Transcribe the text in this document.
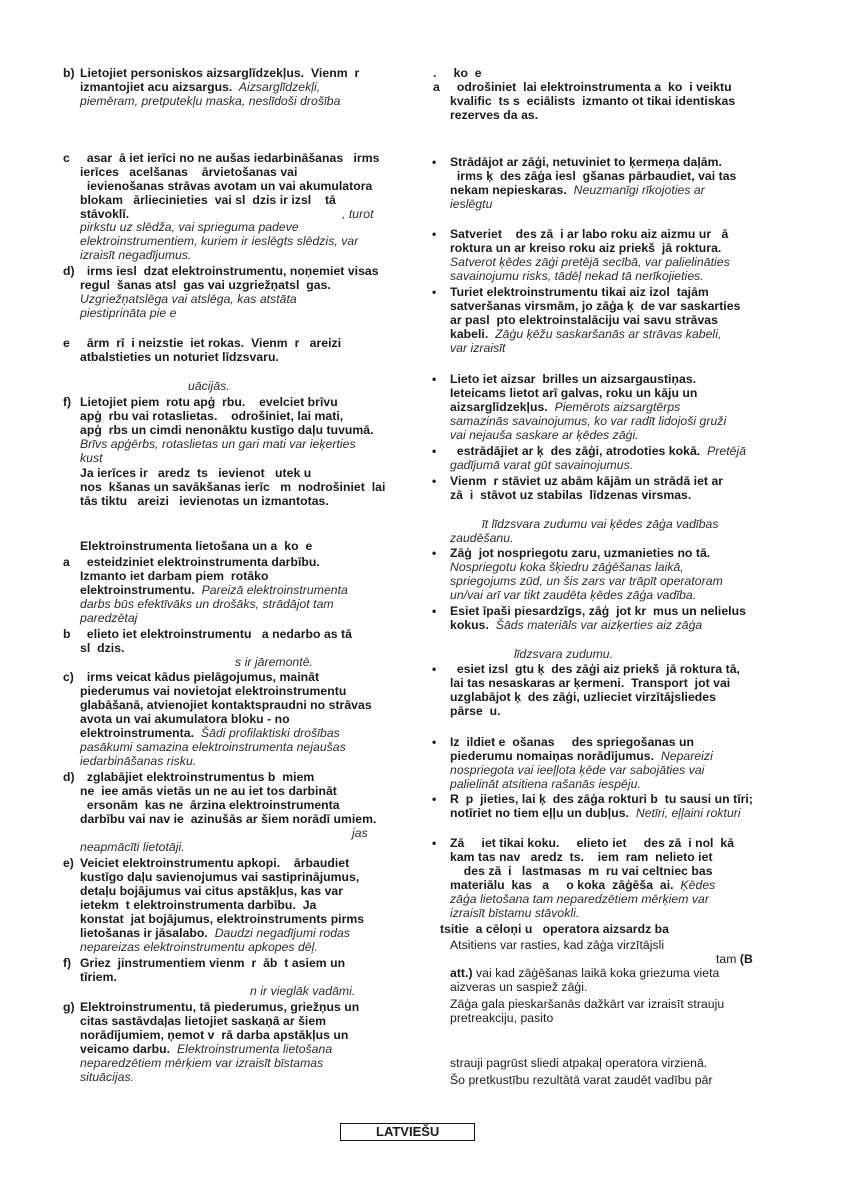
b) Lietojiet personiskos aizsarglīdzekļus.  Vienm  r
izmantojiet acu aizsargus.  Aizsarglīdzekļi,
piemēram, pretputekļu maska, neslīdoši drošība
c asar  ā iet ierīci no ne aušas iedarbināšanas   irms
ierīces   acelšanas    ārvietošanas vai
ievienošanas strāvas avotam un vai akumulatora
blokam   ārliecinieties  vai sl  dzis ir izsl    tā
stāvoklī.	, turot
pirkstu uz slēdža, vai sprieguma padeve
elektroinstrumentiem, kuriem ir ieslēgts slēdzis, var
izraisīt negadījumus.
d) irms iesl  dzat elektroinstrumentu, noņemiet visas
regul  šanas atsl  gas vai uzgriežņatsl  gas.
Uzgriežņatslēga vai atslēga, kas atstāta
piestiprināta pie e
e ārm  rī  i neizstie  iet rokas.  Vienm  r   areizi
atbalstieties un noturiet līdzsvaru.
uācijās.
f) Lietojiet piem  rotu apģ  rbu.    evelciet brīvu
apģ  rbu vai rotaslietas.    odrošiniet, lai mati,
apģ  rbs un cimdi nenonāktu kustīgo daļu tuvumā.
Brīvs apģērbs, rotaslietas un gari mati var ieķerties
kust
Ja ierīces ir   aredz  ts   ievienot   utek u
nos  kšanas un savākšanas ierīc   m  nodrošiniet  lai
tās tiktu   areizi   ievienotas un izmantotas.
Elektroinstrumenta lietošana un a  ko  e
a esteidziniet elektroinstrumenta darbību.
Izmanto iet darbam piem  rotāko
elektroinstrumentu.  Pareizā elektroinstrumenta
darbs būs efektīvāks un drošāks, strādājot tam
paredzētaj
b elieto iet elektroinstrumentu   a nedarbo as tā
sl  dzis.
s ir jāremontē.
c) irms veicat kādus pielāgojumus, maināt
piederumus vai novietojat elektroinstrumentu
glabāšanā, atvienojiet kontaktspraudni no strāvas
avota un vai akumulatora bloku - no
elektroinstrumenta.  Šādi profilaktiski drošības
pasākumi samazina elektroinstrumenta nejaušas
iedarbināšanas risku.
d) zglabājiet elektroinstrumentus b  miem
ne  iee amās vietās un ne au iet tos darbināt
ersonām  kas ne  ārzina elektroinstrumenta
darbību vai nav ie  azinušās ar šiem norādī umiem.
jas
neapmācīti lietotāji.
e) Veiciet elektroinstrumentu apkopi.    ārbaudiet
kustīgo daļu savienojumus vai sastiprinājumus,
detaļu bojājumus vai citus apstākļus, kas var
ietekm  t elektroinstrumenta darbību.  Ja
konstat  jat bojājumus, elektroinstruments pirms
lietošanas ir jāsalabo.  Daudzi negadījumi rodas
nepareizas elektroinstrumentu apkopes dēļ.
f) Griez  jinstrumentiem vienm  r  āb  t asiem un
tīriem.
n ir vieglāk vadāmi.
g) Elektroinstrumentu, tā piederumus, griežņus un
citas sastāvdaļas lietojiet saskaņā ar šiem
norādījumiem, ņemot v  rā darba apstākļus un
veicamo darbu.  Elektroinstrumenta lietošana
neparedzētiem mērķiem var izraisīt bīstamas
situācijas.
.     ko  e
a odrošiniet  lai elektroinstrumenta a  ko  i veiktu
kvalific  ts s  eciālists  izmanto ot tikai identiskas
rezerves da as.
• Strādājot ar zāģi, netuviniet to ķermeņa daļām.
irms ķ  des zāģa iesl  gšanas pārbaudiet, vai tas
nekam nepieskaras.  Neuzmanīgi rīkojoties ar
ieslēgtu
• Satveriet    des zā  i ar labo roku aiz aizmu ur   ā
roktura un ar kreiso roku aiz priekš  jā roktura.
Satverot ķēdes zāģi pretējā secībā, var palielināties
savainojumu risks, tādēļ nekad tā nerīkojieties.
• Turiet elektroinstrumentu tikai aiz izol  tajām
satveršanas virsmām, jo zāģa ķ  de var saskarties
ar pasl  pto elektroinstalāciju vai savu strāvas
kabeli.  Zāģu ķēžu saskaršanās ar strāvas kabeli,
var izraisīt
• Lieto iet aizsar  brilles un aizsargaustiņas.
Ieteicams lietot arī galvas, roku un kāju un
aizsarglīdzekļus.  Piemērots aizsargtērps
samazinās savainojumus, ko var radīt lidojoši gruži
vai nejauša saskare ar ķēdes zāģi.
• estrādājiet ar ķ  des zāģi, atrodoties kokā.  Pretējā
gadījumā varat gūt savainojumus.
• Vienm  r stāviet uz abām kājām un strādā iet ar
zā  i  stāvot uz stabilas  līdzenas virsmas.
īt līdzsvara zudumu vai ķēdes zāģa vadības
zaudēšanu.
• Zāģ  jot nospriegotu zaru, uzmanieties no tā.
Nospriegotu koka šķiedru zāģēšanas laikā,
spriegojums zūd, un šis zars var trāpīt operatoram
un/vai arī var tikt zaudēta ķēdes zāģa vadība.
• Esiet īpaši piesardzīgs, zāģ  jot kr  mus un nelielus
kokus.  Šāds materiāls var aizķerties aiz zāģa
līdzsvara zudumu.
• esiet izsl  gtu ķ  des zāģi aiz priekš  jā roktura tā,
lai tas nesaskaras ar ķermeni.  Transport  jot vai
uzglabājot ķ  des zāģi, uzlieciet virzītājsliedes
pārse  u.
• Iz  ildiet e  ošanas     des spriegošanas un
piederumu nomaiņas norādījumus.  Nepareizi
nospriegota vai ieeļļota ķēde var sabojāties vai
palielināt atsitiena rašanās iespēju.
• R  p  jieties, lai ķ  des zāģa rokturi b  tu sausi un tīri;
notīriet no tiem eļļu un dubļus.  Netīri, eļļaini rokturi
• Zā     iet tikai koku.     elieto iet     des zā  i nol  kā
kam tas nav   aredz  ts.    iem  ram  nelieto iet
des zā  i   lastmasas  m  ru vai celtniec bas
materiālu  kas   a     o koka  zāģēša  ai.  Ķēdes
zāģa lietošana tam neparedzētiem mērķiem var
izraisīt bīstamu stāvokli.
tsitie  a cēloņi u   operatora aizsardz ba
Atsitiens var rasties, kad zāģa virzītājsli
tam (B
att.) vai kad zāģēšanas laikā koka griezuma vieta
aizveras un saspiež zāģi.
Zāģa gala pieskaršanās dažkārt var izraisīt strauju
pretreakciju, pasito
strauji pagrūst sliedi atpakaļ operatora virzienā.
Šo pretkustību rezultātā varat zaudēt vadību pār
LATVIEŠU
